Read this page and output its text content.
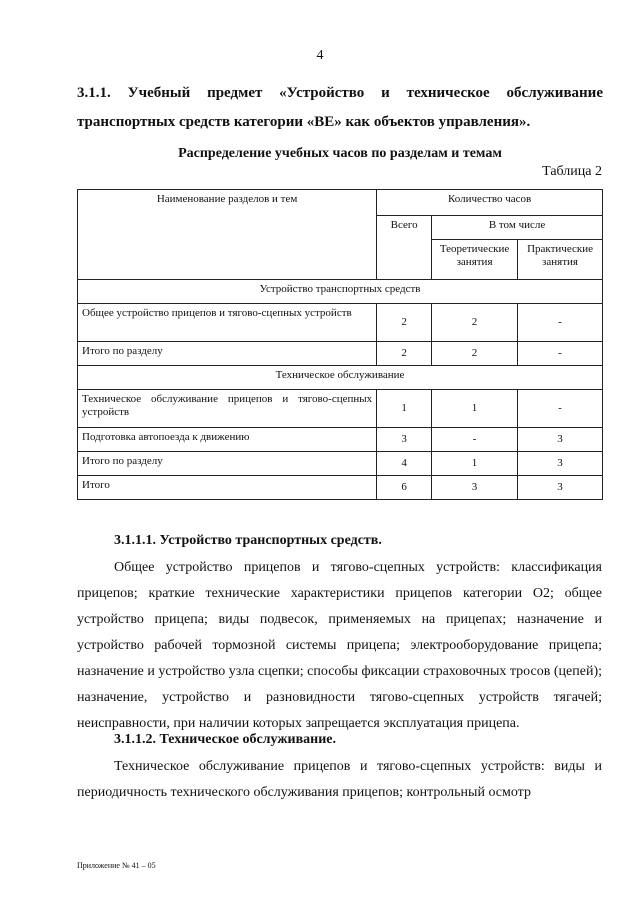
4
3.1.1. Учебный предмет «Устройство и техническое обслуживание
транспортных средств категории «ВЕ» как объектов управления».
Распределение учебных часов по разделам и темам
Таблица 2
Наименование разделов и тем	Количество часов		
	Всего	В том числе	
		Теоретические занятия	Практические занятия
Устройство транспортных средств			
Общее устройство прицепов и тягово-сцепных устройств	2	2	-
Итого по разделу	2	2	-
Техническое обслуживание			
Техническое обслуживание прицепов и тягово-сцепных устройств	1	1	-
Подготовка автопоезда к движению	3	-	3
Итого по разделу	4	1	3
Итого	6	3	3
3.1.1.1. Устройство транспортных средств.
Общее устройство прицепов и тягово-сцепных устройств: классификация прицепов; краткие технические характеристики прицепов категории O2; общее устройство прицепа; виды подвесок, применяемых на прицепах; назначение и устройство рабочей тормозной системы прицепа; электрооборудование прицепа; назначение и устройство узла сцепки; способы фиксации страховочных тросов (цепей); назначение, устройство и разновидности тягово-сцепных устройств тягачей; неисправности, при наличии которых запрещается эксплуатация прицепа.
3.1.1.2. Техническое обслуживание.
Техническое обслуживание прицепов и тягово-сцепных устройств: виды и периодичность технического обслуживания прицепов; контрольный осмотр
Приложение № 41 – 05
